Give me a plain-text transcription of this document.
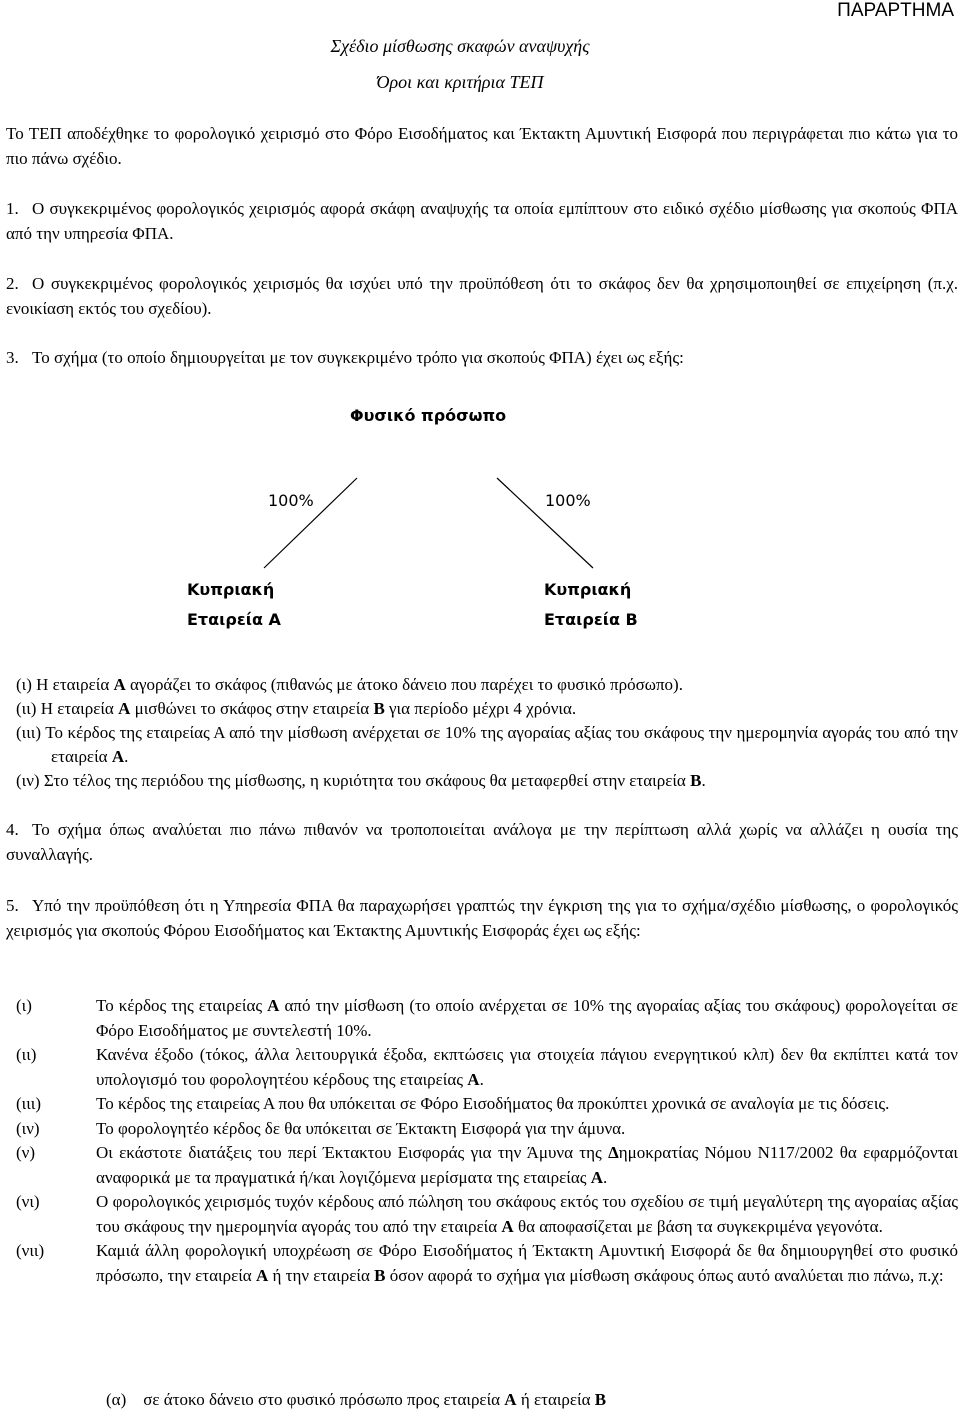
ΠΑΡΑΡΤΗΜΑ
Σχέδιο μίσθωσης σκαφών αναψυχής
Όροι και κριτήρια ΤΕΠ
Το ΤΕΠ αποδέχθηκε το φορολογικό χειρισμό στο Φόρο Εισοδήματος και Έκτακτη Αμυντική Εισφορά που περιγράφεται πιο κάτω για το πιο πάνω σχέδιο.
1. Ο συγκεκριμένος φορολογικός χειρισμός αφορά σκάφη αναψυχής τα οποία εμπίπτουν στο ειδικό σχέδιο μίσθωσης για σκοπούς ΦΠΑ από την υπηρεσία ΦΠΑ.
2. Ο συγκεκριμένος φορολογικός χειρισμός θα ισχύει υπό την προϋπόθεση ότι το σκάφος δεν θα χρησιμοποιηθεί σε επιχείρηση (π.χ. ενοικίαση εκτός του σχεδίου).
3. Το σχήμα (το οποίο δημιουργείται με τον συγκεκριμένο τρόπο για σκοπούς ΦΠΑ) έχει ως εξής:
Φυσικό πρόσωπο
100%	100%
Κυπριακή
Εταιρεία Α
Κυπριακή
Εταιρεία Β
(ι) Η εταιρεία Α αγοράζει το σκάφος (πιθανώς με άτοκο δάνειο που παρέχει το φυσικό πρόσωπο).
(ιι) Η εταιρεία Α μισθώνει το σκάφος στην εταιρεία Β για περίοδο μέχρι 4 χρόνια.
(ιιι) Το κέρδος της εταιρείας Α από την μίσθωση ανέρχεται σε 10% της αγοραίας αξίας του σκάφους την ημερομηνία αγοράς του από την εταιρεία Α.
(ιν) Στο τέλος της περιόδου της μίσθωσης, η κυριότητα του σκάφους θα μεταφερθεί στην εταιρεία Β.
4. Το σχήμα όπως αναλύεται πιο πάνω πιθανόν να τροποποιείται ανάλογα με την περίπτωση αλλά χωρίς να αλλάζει η ουσία της συναλλαγής.
5. Υπό την προϋπόθεση ότι η Υπηρεσία ΦΠΑ θα παραχωρήσει γραπτώς την έγκριση της για το σχήμα/σχέδιο μίσθωσης, ο φορολογικός χειρισμός για σκοπούς Φόρου Εισοδήματος και Έκτακτης Αμυντικής Εισφοράς έχει ως εξής:
(ι)	Το κέρδος της εταιρείας Α από την μίσθωση (το οποίο ανέρχεται σε 10% της αγοραίας αξίας του σκάφους) φορολογείται σε Φόρο Εισοδήματος με συντελεστή 10%.
(ιι)	Κανένα έξοδο (τόκος, άλλα λειτουργικά έξοδα, εκπτώσεις για στοιχεία πάγιου ενεργητικού κλπ) δεν θα εκπίπτει κατά τον υπολογισμό του φορολογητέου κέρδους της εταιρείας Α.
(ιιι)	Το κέρδος της εταιρείας Α που θα υπόκειται σε Φόρο Εισοδήματος θα προκύπτει χρονικά σε αναλογία με τις δόσεις.
(ιν)	Το φορολογητέο κέρδος δε θα υπόκειται σε Έκτακτη Εισφορά για την άμυνα.
(ν)	Οι εκάστοτε διατάξεις του περί Έκτακτου Εισφοράς για την Άμυνα της Δημοκρατίας Νόμου Ν117/2002 θα εφαρμόζονται αναφορικά με τα πραγματικά ή/και λογιζόμενα μερίσματα της εταιρείας Α.
(νι)	Ο φορολογικός χειρισμός τυχόν κέρδους από πώληση του σκάφους εκτός του σχεδίου σε τιμή μεγαλύτερη της αγοραίας αξίας του σκάφους την ημερομηνία αγοράς του από την εταιρεία Α θα αποφασίζεται με βάση τα συγκεκριμένα γεγονότα.
(νιι)	Καμιά άλλη φορολογική υποχρέωση σε Φόρο Εισοδήματος ή Έκτακτη Αμυντική Εισφορά δε θα δημιουργηθεί στο φυσικό πρόσωπο, την εταιρεία Α ή την εταιρεία Β όσον αφορά το σχήμα για μίσθωση σκάφους όπως αυτό αναλύεται πιο πάνω, π.χ:
(α) σε άτοκο δάνειο στο φυσικό πρόσωπο προς εταιρεία Α ή εταιρεία Β
